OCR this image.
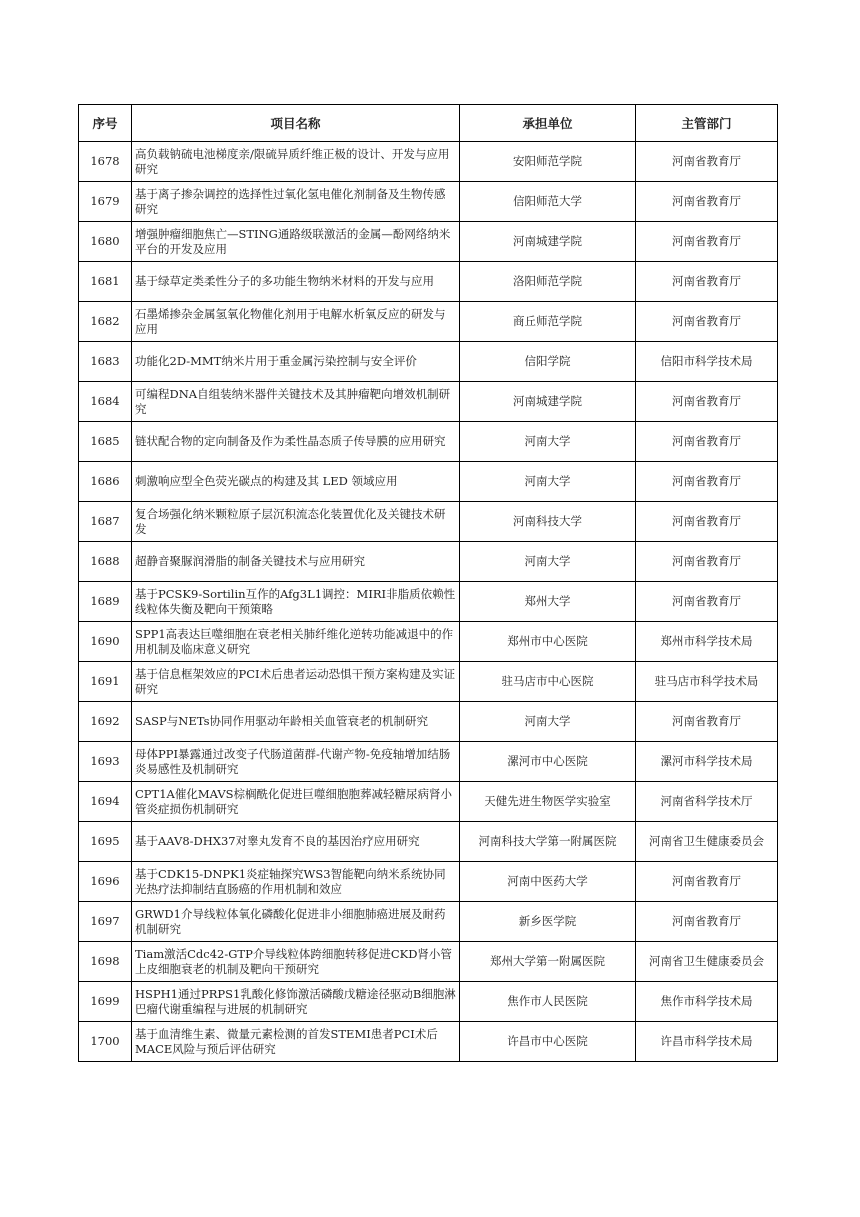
序号	项目名称	承担单位	主管部门
1678	高负载钠硫电池梯度亲/限硫异质纤维正极的设计、开发与应用研究	安阳师范学院	河南省教育厅
1679	基于离子掺杂调控的选择性过氧化氢电催化剂制备及生物传感研究	信阳师范大学	河南省教育厅
1680	增强肿瘤细胞焦亡—STING通路级联激活的金属—酚网络纳米平台的开发及应用	河南城建学院	河南省教育厅
1681	基于绿草定类柔性分子的多功能生物纳米材料的开发与应用	洛阳师范学院	河南省教育厅
1682	石墨烯掺杂金属氢氧化物催化剂用于电解水析氧反应的研发与应用	商丘师范学院	河南省教育厅
1683	功能化2D-MMT纳米片用于重金属污染控制与安全评价	信阳学院	信阳市科学技术局
1684	可编程DNA自组装纳米器件关键技术及其肿瘤靶向增效机制研究	河南城建学院	河南省教育厅
1685	链状配合物的定向制备及作为柔性晶态质子传导膜的应用研究	河南大学	河南省教育厅
1686	刺激响应型全色荧光碳点的构建及其 LED 领域应用	河南大学	河南省教育厅
1687	复合场强化纳米颗粒原子层沉积流态化装置优化及关键技术研发	河南科技大学	河南省教育厅
1688	超静音聚脲润滑脂的制备关键技术与应用研究	河南大学	河南省教育厅
1689	基于PCSK9-Sortilin互作的Afg3L1调控：MIRI非脂质依赖性线粒体失衡及靶向干预策略	郑州大学	河南省教育厅
1690	SPP1高表达巨噬细胞在衰老相关肺纤维化逆转功能减退中的作用机制及临床意义研究	郑州市中心医院	郑州市科学技术局
1691	基于信息框架效应的PCI术后患者运动恐惧干预方案构建及实证研究	驻马店市中心医院	驻马店市科学技术局
1692	SASP与NETs协同作用驱动年龄相关血管衰老的机制研究	河南大学	河南省教育厅
1693	母体PPI暴露通过改变子代肠道菌群-代谢产物-免疫轴增加结肠炎易感性及机制研究	漯河市中心医院	漯河市科学技术局
1694	CPT1A催化MAVS棕榈酰化促进巨噬细胞胞葬减轻糖尿病肾小管炎症损伤机制研究	天健先进生物医学实验室	河南省科学技术厅
1695	基于AAV8-DHX37对睾丸发育不良的基因治疗应用研究	河南科技大学第一附属医院	河南省卫生健康委员会
1696	基于CDK15-DNPK1炎症轴探究WS3智能靶向纳米系统协同光热疗法抑制结直肠癌的作用机制和效应	河南中医药大学	河南省教育厅
1697	GRWD1介导线粒体氧化磷酸化促进非小细胞肺癌进展及耐药机制研究	新乡医学院	河南省教育厅
1698	Tiam激活Cdc42-GTP介导线粒体跨细胞转移促进CKD肾小管上皮细胞衰老的机制及靶向干预研究	郑州大学第一附属医院	河南省卫生健康委员会
1699	HSPH1通过PRPS1乳酸化修饰激活磷酸戊糖途径驱动B细胞淋巴瘤代谢重编程与进展的机制研究	焦作市人民医院	焦作市科学技术局
1700	基于血清维生素、微量元素检测的首发STEMI患者PCI术后MACE风险与预后评估研究	许昌市中心医院	许昌市科学技术局
